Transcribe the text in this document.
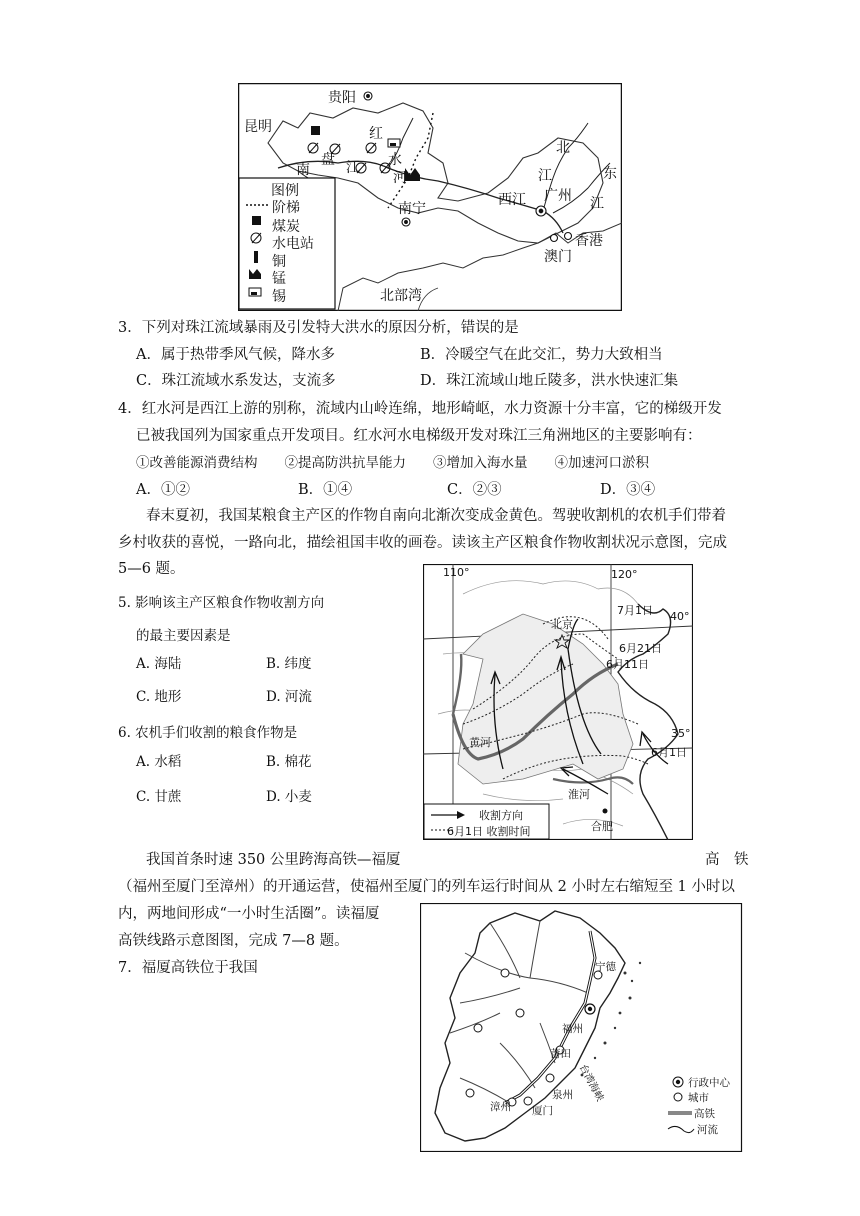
贵阳
昆明
南
盘 江
红
水
河
南宁
西江 广州
北
江	东
江
香港
澳门
北部湾
图例
阶梯
煤炭
水电站
铜
锰
锡
3．下列对珠江流域暴雨及引发特大洪水的原因分析，错误的是
A．属于热带季风气候，降水多	B．冷暖空气在此交汇，势力大致相当
C．珠江流域水系发达，支流多	D．珠江流域山地丘陵多，洪水快速汇集
4．红水河是西江上游的别称，流域内山岭连绵，地形崎岖，水力资源十分丰富，它的梯级开发
已被我国列为国家重点开发项目。红水河水电梯级开发对珠江三角洲地区的主要影响有：
①改善能源消费结构　　②提高防洪抗旱能力　　③增加入海水量　　④加速河口淤积
A．①②	B．①④	C．②③	D．③④
春末夏初，我国某粮食主产区的作物自南向北渐次变成金黄色。驾驶收割机的农机手们带着
乡村收获的喜悦，一路向北，描绘祖国丰收的画卷。读该主产区粮食作物收割状况示意图，完成
5—6 题。
5. 影响该主产区粮食作物收割方向
的最主要因素是
A. 海陆	B. 纬度
C. 地形	D. 河流
6. 农机手们收割的粮食作物是
A. 水稻	B. 棉花
C. 甘蔗	D. 小麦
110°	120°
40°
35°
北京
7月1日
6月21日
6月11日
6月1日
黄河
淮河
合肥
收割方向
6月1日 收割时间
我国首条时速 350 公里跨海高铁—福厦	高　铁
（福州至厦门至漳州）的开通运营，使福州至厦门的列车运行时间从 2 小时左右缩短至 1 小时以
内，两地间形成“一小时生活圈”。读福厦
高铁线路示意图图，完成 7—8 题。
7．福厦高铁位于我国	宁德
福州
莆田
泉州
漳州 厦门
台湾海峡	行政中心
城市
高铁
河流
